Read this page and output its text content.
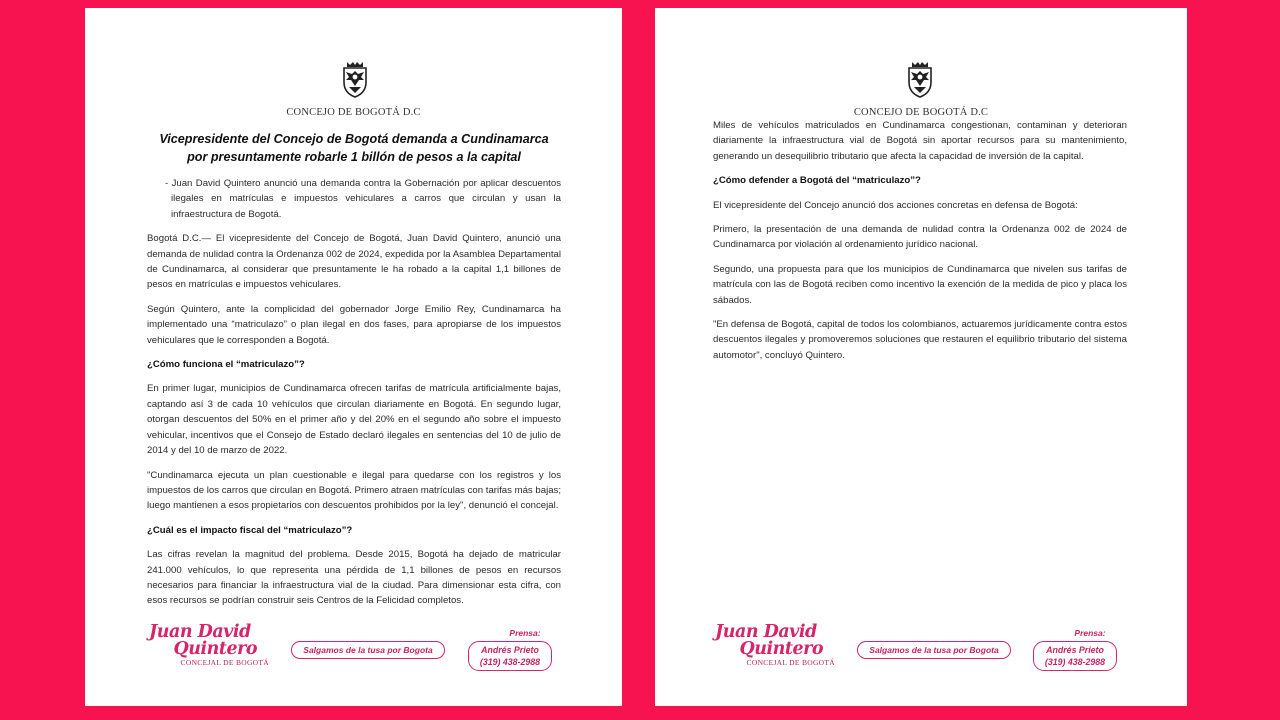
CONCEJO DE BOGOTÁ D.C
Vicepresidente del Concejo de Bogotá demanda a Cundinamarca por presuntamente robarle 1 billón de pesos a la capital
- Juan David Quintero anunció una demanda contra la Gobernación por aplicar descuentos ilegales en matrículas e impuestos vehiculares a carros que circulan y usan la infraestructura de Bogotá.
Bogotá D.C.— El vicepresidente del Concejo de Bogotá, Juan David Quintero, anunció una demanda de nulidad contra la Ordenanza 002 de 2024, expedida por la Asamblea Departamental de Cundinamarca, al considerar que presuntamente le ha robado a la capital 1,1 billones de pesos en matrículas e impuestos vehiculares.
Según Quintero, ante la complicidad del gobernador Jorge Emilio Rey, Cundinamarca ha implementado una “matriculazo” o plan ilegal en dos fases, para apropiarse de los impuestos vehiculares que le corresponden a Bogotá.
¿Cómo funciona el “matriculazo”?
En primer lugar, municipios de Cundinamarca ofrecen tarifas de matrícula artificialmente bajas, captando así 3 de cada 10 vehículos que circulan diariamente en Bogotá. En segundo lugar, otorgan descuentos del 50% en el primer año y del 20% en el segundo año sobre el impuesto vehicular, incentivos que el Consejo de Estado declaró ilegales en sentencias del 10 de julio de 2014 y del 10 de marzo de 2022.
"Cundinamarca ejecuta un plan cuestionable e ilegal para quedarse con los registros y los impuestos de los carros que circulan en Bogotá. Primero atraen matrículas con tarifas más bajas; luego mantienen a esos propietarios con descuentos prohibidos por la ley", denunció el concejal.
¿Cuál es el impacto fiscal del “matriculazo”?
Las cifras revelan la magnitud del problema. Desde 2015, Bogotá ha dejado de matricular 241.000 vehículos, lo que representa una pérdida de 1,1 billones de pesos en recursos necesarios para financiar la infraestructura vial de la ciudad. Para dimensionar esta cifra, con esos recursos se podrían construir seis Centros de la Felicidad completos.
Juan David
Quintero
CONCEJAL DE BOGOTÁ
Salgamos de la tusa por Bogota
Prensa:
Andrés Prieto
(319) 438-2988
CONCEJO DE BOGOTÁ D.C
Miles de vehículos matriculados en Cundinamarca congestionan, contaminan y deterioran diariamente la infraestructura vial de Bogotá sin aportar recursos para su mantenimiento, generando un desequilibrio tributario que afecta la capacidad de inversión de la capital.
¿Cómo defender a Bogotá del “matriculazo”?
El vicepresidente del Concejo anunció dos acciones concretas en defensa de Bogotá:
Primero, la presentación de una demanda de nulidad contra la Ordenanza 002 de 2024 de Cundinamarca por violación al ordenamiento jurídico nacional.
Segundo, una propuesta para que los municipios de Cundinamarca que nivelen sus tarifas de matrícula con las de Bogotá reciben como incentivo la exención de la medida de pico y placa los sábados.
"En defensa de Bogotá, capital de todos los colombianos, actuaremos jurídicamente contra estos descuentos ilegales y promoveremos soluciones que restauren el equilibrio tributario del sistema automotor", concluyó Quintero.
Juan David
Quintero
CONCEJAL DE BOGOTÁ
Salgamos de la tusa por Bogota
Prensa:
Andrés Prieto
(319) 438-2988
